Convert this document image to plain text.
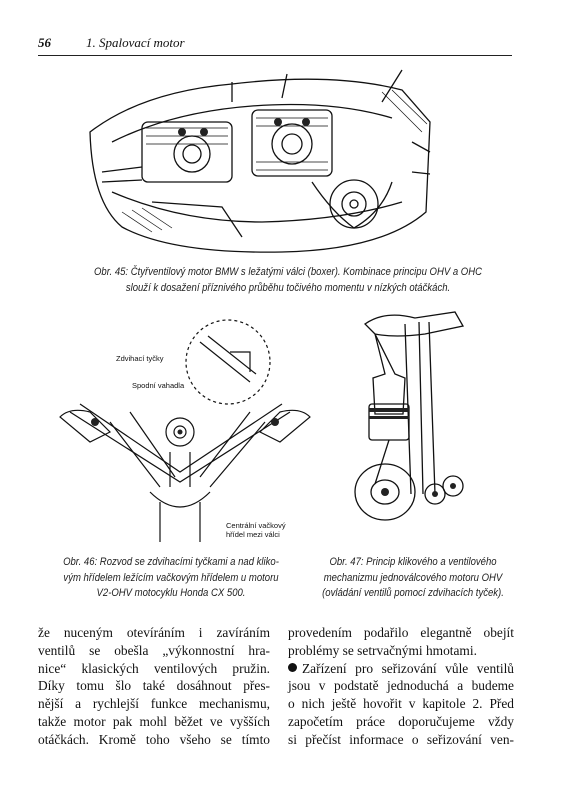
56	1. Spalovací motor
Obr. 45: Čtyřventilový motor BMW s ležatými válci (boxer). Kombinace principu OHV a OHC
slouží k dosažení příznivého průběhu točivého momentu v nízkých otáčkách.
Zdvihací tyčky
Spodní vahadla
Centrální vačkový
hřídel mezi válci
Obr. 46: Rozvod se zdvihacími tyčkami a nad kliko-
vým hřídelem ležícím vačkovým hřídelem u motoru
V2-OHV motocyklu Honda CX 500.
Obr. 47: Princip klikového a ventilového
mechanizmu jednoválcového motoru OHV
(ovládání ventilů pomocí zdvihacích tyček).
že nuceným otevíráním i zavíráním
ventilů se obešla „výkonnostní hra-
nice“ klasických ventilových pružin.
Díky tomu šlo také dosáhnout přes-
nější a rychlejší funkce mechanismu,
takže motor pak mohl běžet ve vyšších
otáčkách. Kromě toho všeho se tímto
provedením podařilo elegantně obejít
problémy se setrvačnými hmotami.
Zařízení pro seřizování vůle ventilů
jsou v podstatě jednoduchá a budeme
o nich ještě hovořit v kapitole 2. Před
započetím práce doporučujeme vždy
si přečíst informace o seřizování ven-
